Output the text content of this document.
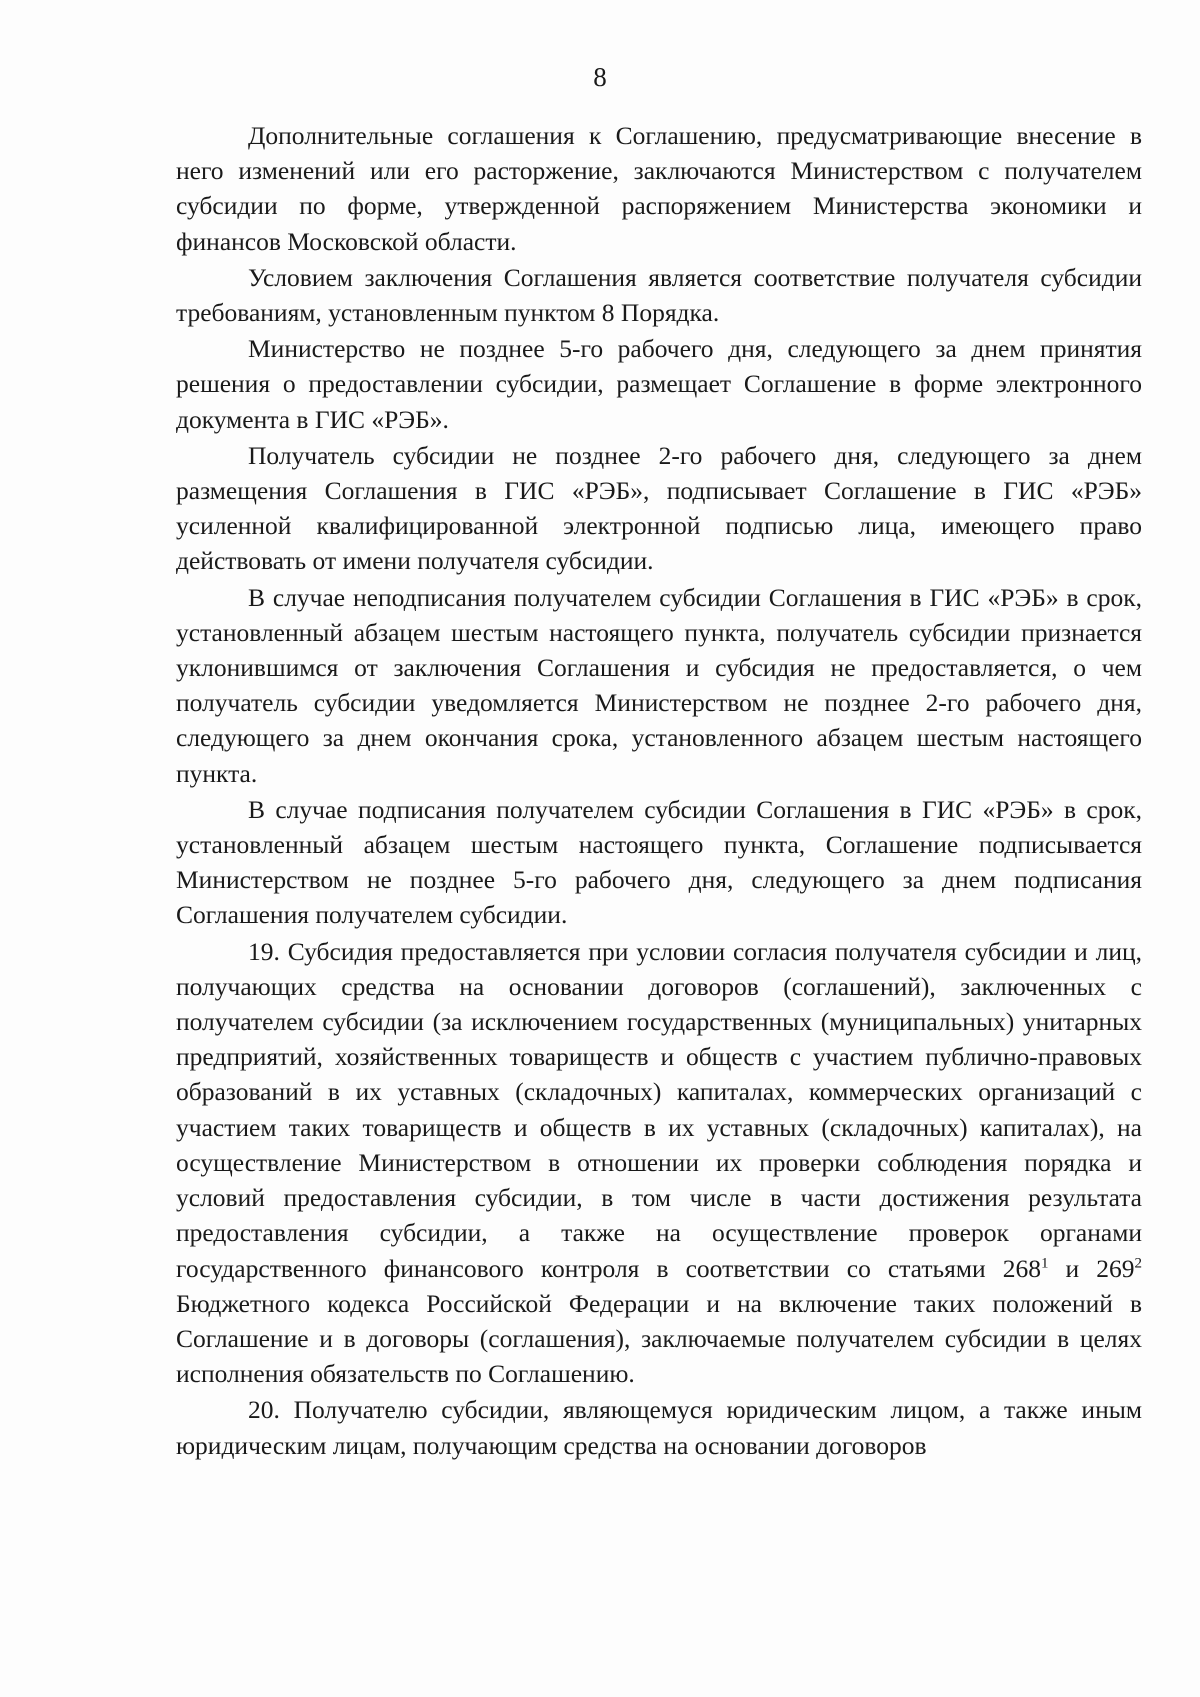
8

Дополнительные соглашения к Соглашению, предусматривающие внесение в него изменений или его расторжение, заключаются Министерством с получателем субсидии по форме, утвержденной распоряжением Министерства экономики и финансов Московской области.

Условием заключения Соглашения является соответствие получателя субсидии требованиям, установленным пунктом 8 Порядка.

Министерство не позднее 5-го рабочего дня, следующего за днем принятия решения о предоставлении субсидии, размещает Соглашение в форме электронного документа в ГИС «РЭБ».

Получатель субсидии не позднее 2-го рабочего дня, следующего за днем размещения Соглашения в ГИС «РЭБ», подписывает Соглашение в ГИС «РЭБ» усиленной квалифицированной электронной подписью лица, имеющего право действовать от имени получателя субсидии.

В случае неподписания получателем субсидии Соглашения в ГИС «РЭБ» в срок, установленный абзацем шестым настоящего пункта, получатель субсидии признается уклонившимся от заключения Соглашения и субсидия не предоставляется, о чем получатель субсидии уведомляется Министерством не позднее 2-го рабочего дня, следующего за днем окончания срока, установленного абзацем шестым настоящего пункта.

В случае подписания получателем субсидии Соглашения в ГИС «РЭБ» в срок, установленный абзацем шестым настоящего пункта, Соглашение подписывается Министерством не позднее 5-го рабочего дня, следующего за днем подписания Соглашения получателем субсидии.

19. Субсидия предоставляется при условии согласия получателя субсидии и лиц, получающих средства на основании договоров (соглашений), заключенных с получателем субсидии (за исключением государственных (муниципальных) унитарных предприятий, хозяйственных товариществ и обществ с участием публично-правовых образований в их уставных (складочных) капиталах, коммерческих организаций с участием таких товариществ и обществ в их уставных (складочных) капиталах), на осуществление Министерством в отношении их проверки соблюдения порядка и условий предоставления субсидии, в том числе в части достижения результата предоставления субсидии, а также на осуществление проверок органами государственного финансового контроля в соответствии со статьями $268^1$ и $269^2$ Бюджетного кодекса Российской Федерации и на включение таких положений в Соглашение и в договоры (соглашения), заключаемые получателем субсидии в целях исполнения обязательств по Соглашению.

20. Получателю субсидии, являющемуся юридическим лицом, а также иным юридическим лицам, получающим средства на основании договоров
